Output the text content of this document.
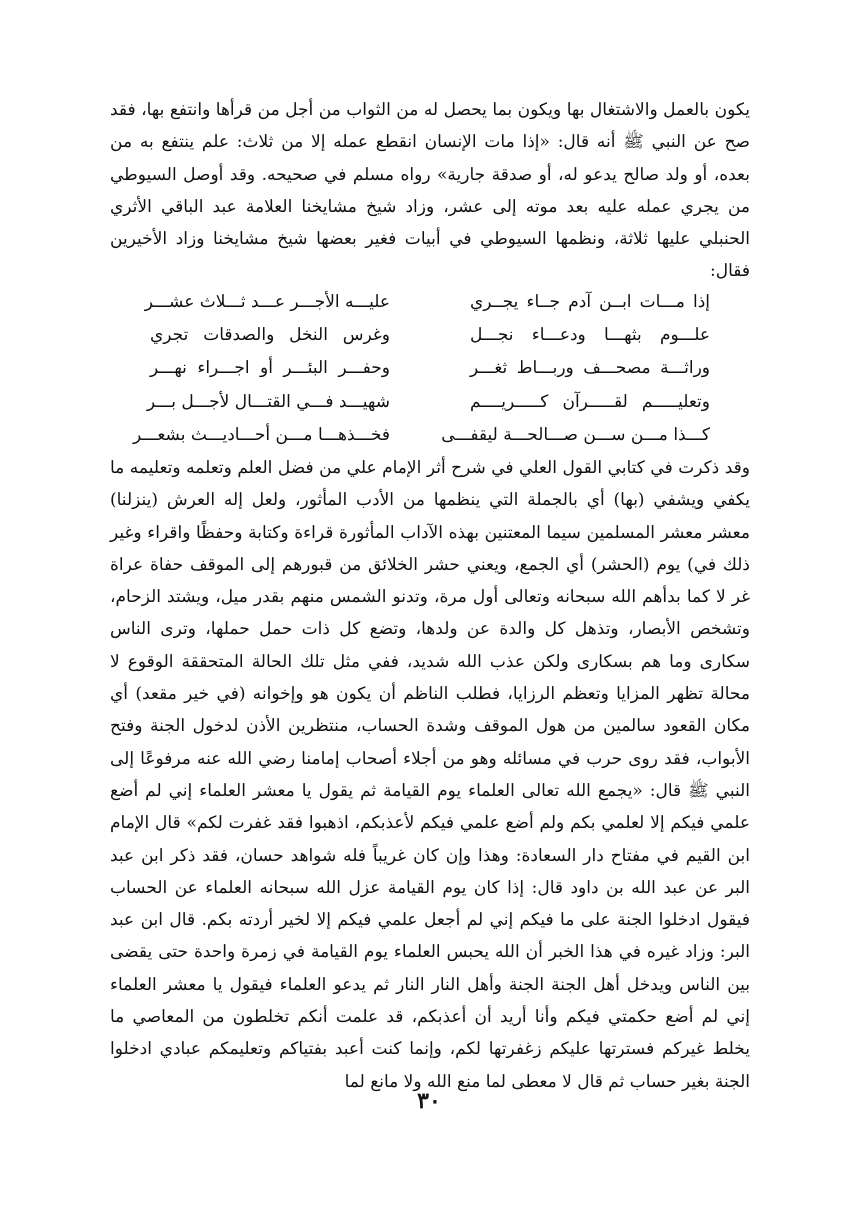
يكون بالعمل والاشتغال بها ويكون بما يحصل له من الثواب من أجل من قرأها وانتفع بها، فقد صح عن النبي ﷺ أنه قال: «إذا مات الإنسان انقطع عمله إلا من ثلاث: علم ينتفع به من بعده، أو ولد صالح يدعو له، أو صدقة جارية» رواه مسلم في صحيحه. وقد أوصل السيوطي من يجري عمله عليه بعد موته إلى عشر، وزاد شيخ مشايخنا العلامة عبد الباقي الأثري الحنبلي عليها ثلاثة، ونظمها السيوطي في أبيات فغير بعضها شيخ مشايخنا وزاد الأخيرين فقال:

إذا مـــات ابــن آدم جــاء يجــري
عليـــه الأجـــر عـــد ثـــلاث عشـــر
علـــوم بثهـــا ودعـــاء نجـــل
وغرس النخل والصدقات تجري
وراثـــة مصحـــف وربـــاط ثغـــر
وحفـــر البئـــر أو اجـــراء نهـــر
وتعليـــــم لقـــــرآن كـــــريــــم
شهيـــد فـــي القتـــال لأجـــل بـــر
كـــذا مـــن ســـن صـــالحـــة ليقفـــى
فخـــذهـــا مـــن أحـــاديـــث بشعـــر

وقد ذكرت في كتابي القول العلي في شرح أثر الإمام علي من فضل العلم وتعلمه وتعليمه ما يكفي ويشفي (بها) أي بالجملة التي ينظمها من الأدب المأثور، ولعل إله العرش (ينزلنا) معشر معشر المسلمين سيما المعتنين بهذه الآداب المأثورة قراءة وكتابة وحفظًا واقراء وغير ذلك في) يوم (الحشر) أي الجمع، ويعني حشر الخلائق من قبورهم إلى الموقف حفاة عراة غر لا كما بدأهم الله سبحانه وتعالى أول مرة، وتدنو الشمس منهم بقدر ميل، ويشتد الزحام، وتشخص الأبصار، وتذهل كل والدة عن ولدها، وتضع كل ذات حمل حملها، وترى الناس سكارى وما هم بسكارى ولكن عذب الله شديد، ففي مثل تلك الحالة المتحققة الوقوع لا محالة تظهر المزايا وتعظم الرزايا، فطلب الناظم أن يكون هو وإخوانه (في خير مقعد) أي مكان القعود سالمين من هول الموقف وشدة الحساب، منتظرين الأذن لدخول الجنة وفتح الأبواب، فقد روى حرب في مسائله وهو من أجلاء أصحاب إمامنا رضي الله عنه مرفوعًا إلى النبي ﷺ قال: «يجمع الله تعالى العلماء يوم القيامة ثم يقول يا معشر العلماء إني لم أضع علمي فيكم إلا لعلمي بكم ولم أضع علمي فيكم لأعذبكم، اذهبوا فقد غفرت لكم» قال الإمام ابن القيم في مفتاح دار السعادة: وهذا وإن كان غريباً فله شواهد حسان، فقد ذكر ابن عبد البر عن عبد الله بن داود قال: إذا كان يوم القيامة عزل الله سبحانه العلماء عن الحساب فيقول ادخلوا الجنة على ما فيكم إني لم أجعل علمي فيكم إلا لخير أردته بكم. قال ابن عبد البر: وزاد غيره في هذا الخبر أن الله يحبس العلماء يوم القيامة في زمرة واحدة حتى يقضى بين الناس ويدخل أهل الجنة الجنة وأهل النار النار ثم يدعو العلماء فيقول يا معشر العلماء إني لم أضع حكمتي فيكم وأنا أريد أن أعذبكم، قد علمت أنكم تخلطون من المعاصي ما يخلط غيركم فسترتها عليكم زغفرتها لكم، وإنما كنت أعبد بفتياكم وتعليمكم عبادي ادخلوا الجنة بغير حساب ثم قال لا معطى لما منع الله ولا مانع لما

٣٠
